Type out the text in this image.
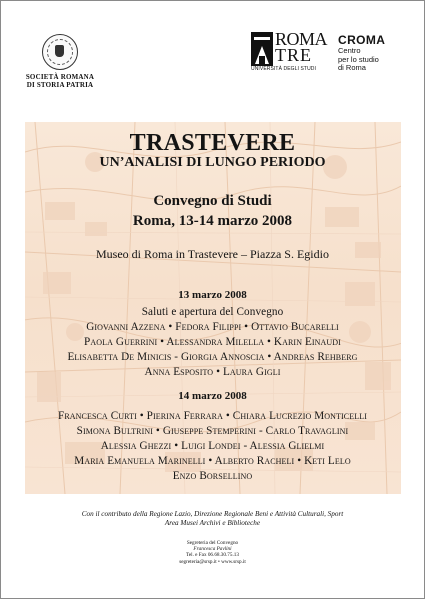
SOCIETÀ ROMANA
DI STORIA PATRIA
ROMA
TRE
UNIVERSITÀ DEGLI STUDI
CROMA
Centro
per lo studio
di Roma
TRASTEVERE
UN’ANALISI DI LUNGO PERIODO
Convegno di Studi
Roma, 13-14 marzo 2008
Museo di Roma in Trastevere – Piazza S. Egidio
13 marzo 2008
Saluti e apertura del Convegno
Giovanni Azzena • Fedora Filippi • Ottavio Bucarelli
Paola Guerrini • Alessandra Milella • Karin Einaudi
Elisabetta De Minicis - Giorgia Annoscia • Andreas Rehberg
Anna Esposito • Laura Gigli
14 marzo 2008
Francesca Curti • Pierina Ferrara • Chiara Lucrezio Monticelli
Simona Bultrini • Giuseppe Stemperini - Carlo Travaglini
Alessia Ghezzi • Luigi Londei - Alessia Glielmi
Maria Emanuela Marinelli • Alberto Racheli • Keti Lelo
Enzo Borsellino
Con il contributo della Regione Lazio, Direzione Regionale Beni e Attività Culturali, Sport
Area Musei Archivi e Biblioteche
Segreteria del Convegno
Francesca Pavlini
Tel. e Fax 06.68.30.75.13
segreteria@srsp.it • www.srsp.it
